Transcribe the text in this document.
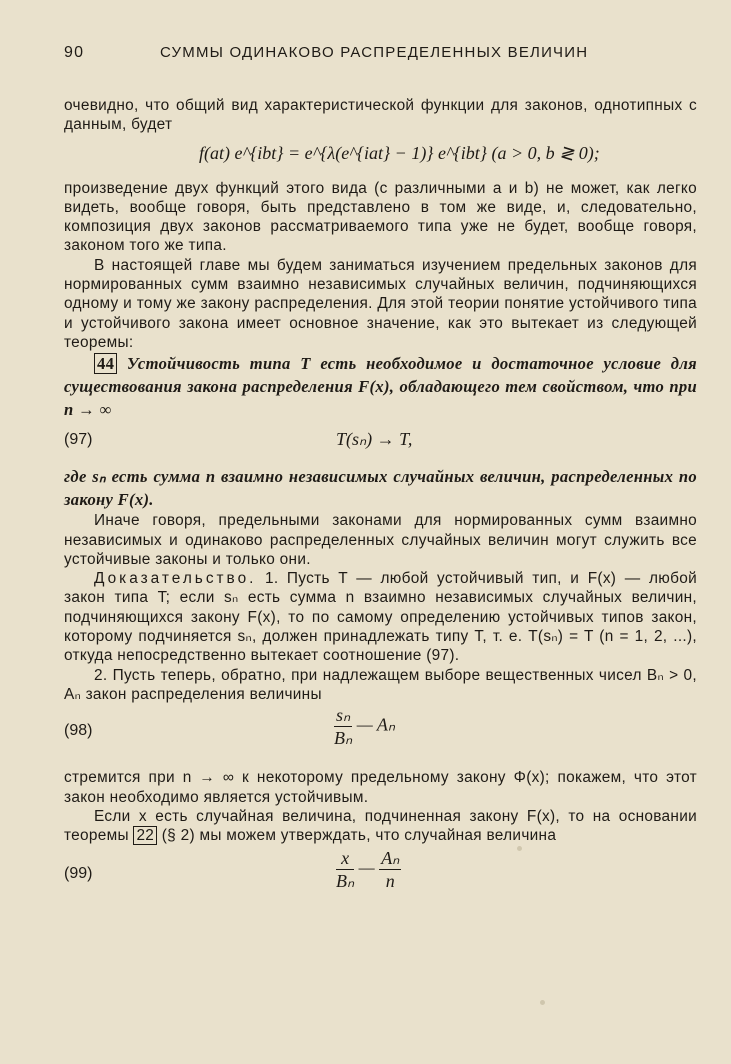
90	СУММЫ ОДИНАКОВО РАСПРЕДЕЛЕННЫХ ВЕЛИЧИН

очевидно, что общий вид характеристической функции для законов, однотипных с данным, будет

f(at) e^{ibt} = e^{λ(e^{iat} − 1)} e^{ibt} (a > 0, b ≷ 0);

произведение двух функций этого вида (с различными a и b) не может, как легко видеть, вообще говоря, быть представлено в том же виде, и, следовательно, композиция двух законов рассматриваемого типа уже не будет, вообще говоря, законом того же типа.

В настоящей главе мы будем заниматься изучением предельных законов для нормированных сумм взаимно независимых случайных величин, подчиняющихся одному и тому же закону распределения. Для этой теории понятие устойчивого типа и устойчивого закона имеет основное значение, как это вытекает из следующей теоремы:

44 Устойчивость типа T есть необходимое и достаточное условие для существования закона распределения F(x), обладающего тем свойством, что при n → ∞

(97)	T(sₙ) → T,

где sₙ есть сумма n взаимно независимых случайных величин, распределенных по закону F(x).

Иначе говоря, предельными законами для нормированных сумм взаимно независимых и одинаково распределенных случайных величин могут служить все устойчивые законы и только они.

Доказательство. 1. Пусть T — любой устойчивый тип, и F(x) — любой закон типа T; если sₙ есть сумма n взаимно независимых случайных величин, подчиняющихся закону F(x), то по самому определению устойчивых типов закон, которому подчиняется sₙ, должен принадлежать типу T, т. е. T(sₙ) = T (n = 1, 2, ...), откуда непосредственно вытекает соотношение (97).

2. Пусть теперь, обратно, при надлежащем выборе вещественных чисел Bₙ > 0, Aₙ закон распределения величины

(98)	$\frac{\text{sₙ}}{\text{Bₙ}}$ — Aₙ

стремится при n → ∞ к некоторому предельному закону Φ(x); покажем, что этот закон необходимо является устойчивым.

Если x есть случайная величина, подчиненная закону F(x), то на основании теоремы 22 (§ 2) мы можем утверждать, что случайная величина

(99)	$\frac{x}{\text{Bₙ}}$ — $\frac{\text{Aₙ}}{n}$
